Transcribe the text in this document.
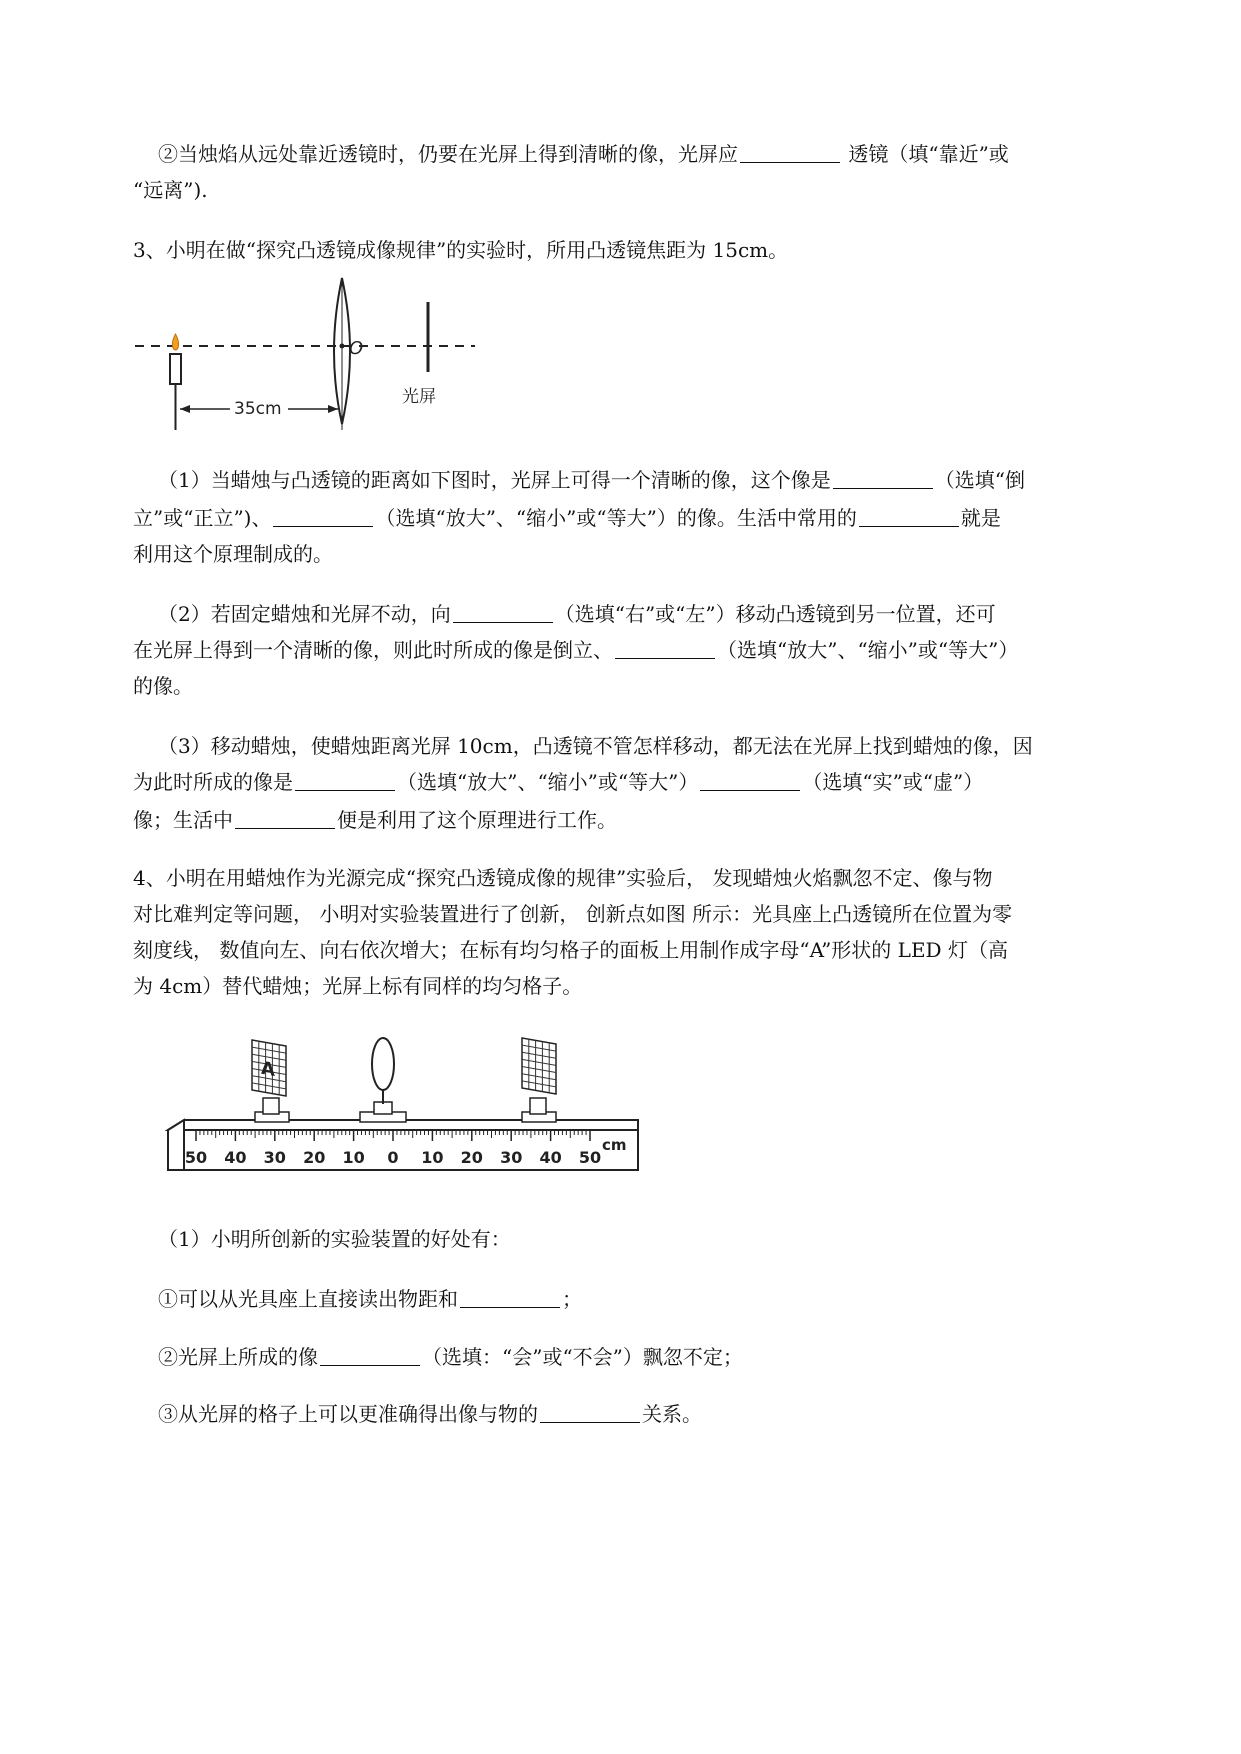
②当烛焰从远处靠近透镜时，仍要在光屏上得到清晰的像，光屏应	透镜（填“靠近”或
“远离”).
3、小明在做“探究凸透镜成像规律”的实验时，所用凸透镜焦距为 15cm。
O
35cm
光屏
（1）当蜡烛与凸透镜的距离如下图时，光屏上可得一个清晰的像，这个像是	（选填“倒
立”或“正立”)、	（选填“放大”、“缩小”或“等大”）的像。生活中常用的	就是
利用这个原理制成的。
（2）若固定蜡烛和光屏不动，向	（选填“右”或“左”）移动凸透镜到另一位置，还可
在光屏上得到一个清晰的像，则此时所成的像是倒立、	（选填“放大”、“缩小”或“等大”）
的像。
（3）移动蜡烛，使蜡烛距离光屏 10cm，凸透镜不管怎样移动，都无法在光屏上找到蜡烛的像，因
为此时所成的像是	（选填“放大”、“缩小”或“等大”）	（选填“实”或“虚”）
像；生活中	便是利用了这个原理进行工作。
4、小明在用蜡烛作为光源完成“探究凸透镜成像的规律”实验后， 发现蜡烛火焰飘忽不定、像与物
对比难判定等问题， 小明对实验装置进行了创新， 创新点如图 所示：光具座上凸透镜所在位置为零
刻度线， 数值向左、向右依次增大；在标有均匀格子的面板上用制作成字母“A”形状的 LED 灯（高
为 4cm）替代蜡烛；光屏上标有同样的均匀格子。
50 40 30 20 10 0 10 20 30 40 50
cm
A
（1）小明所创新的实验装置的好处有：
①可以从光具座上直接读出物距和	；
②光屏上所成的像	（选填：“会”或“不会”）飘忽不定；
③从光屏的格子上可以更准确得出像与物的	关系。
